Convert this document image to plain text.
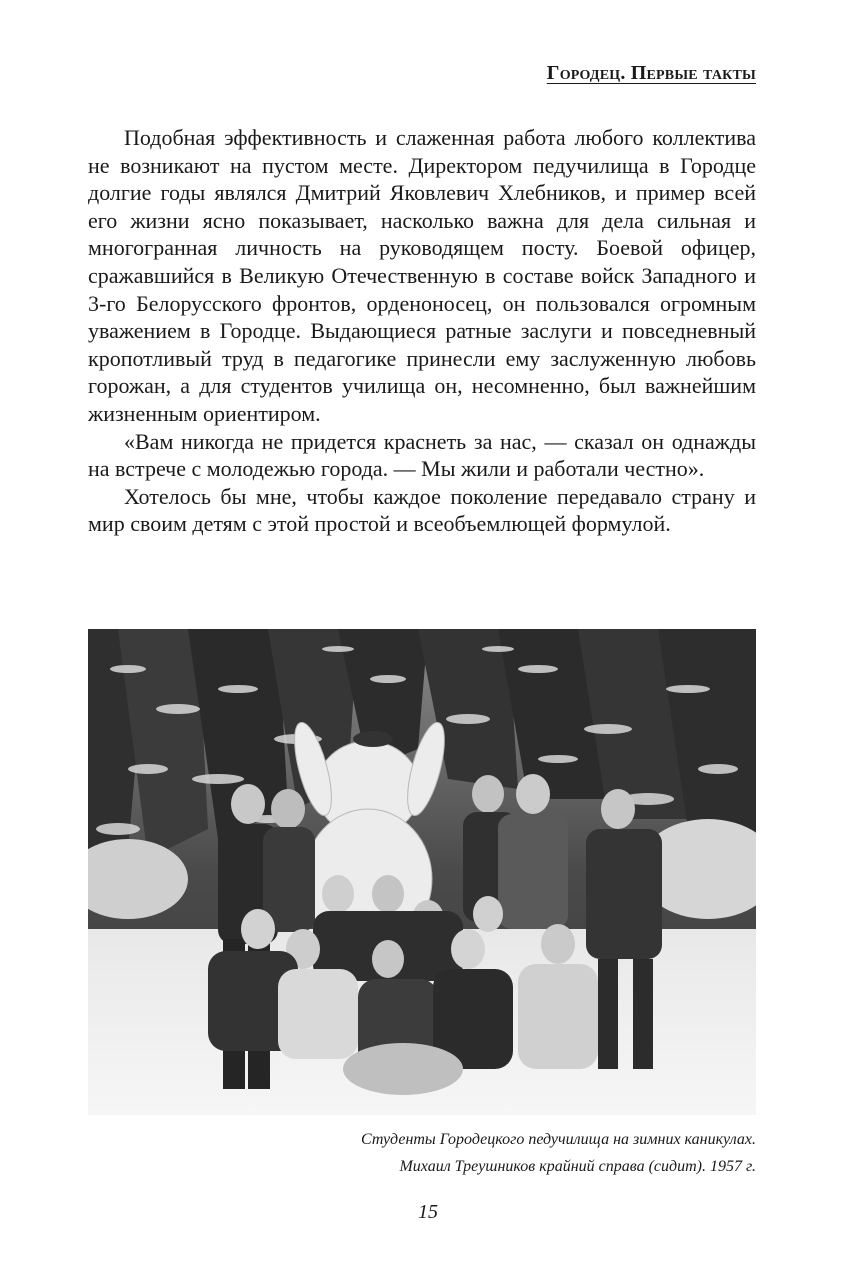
Городец. Первые такты

Подобная эффективность и слаженная работа любого коллектива не возникают на пустом месте. Директором педучилища в Городце долгие годы являлся Дмитрий Яковлевич Хлебников, и пример всей его жизни ясно показывает, насколько важна для дела сильная и многогранная личность на руководящем посту. Боевой офицер, сражавшийся в Великую Отечественную в составе войск Западного и 3-го Белорусского фронтов, орденоносец, он пользовался огромным уважением в Городце. Выдающиеся ратные заслуги и повседневный кропотливый труд в педагогике принесли ему заслуженную любовь горожан, а для студентов училища он, несомненно, был важнейшим жизненным ориентиром.

«Вам никогда не придется краснеть за нас, — сказал он однажды на встрече с молодежью города. — Мы жили и работали честно».

Хотелось бы мне, чтобы каждое поколение передавало страну и мир своим детям с этой простой и всеобъемлющей формулой.

Студенты Городецкого педучилища на зимних каникулах.
Михаил Треушников крайний справа (сидит). 1957 г.
15
